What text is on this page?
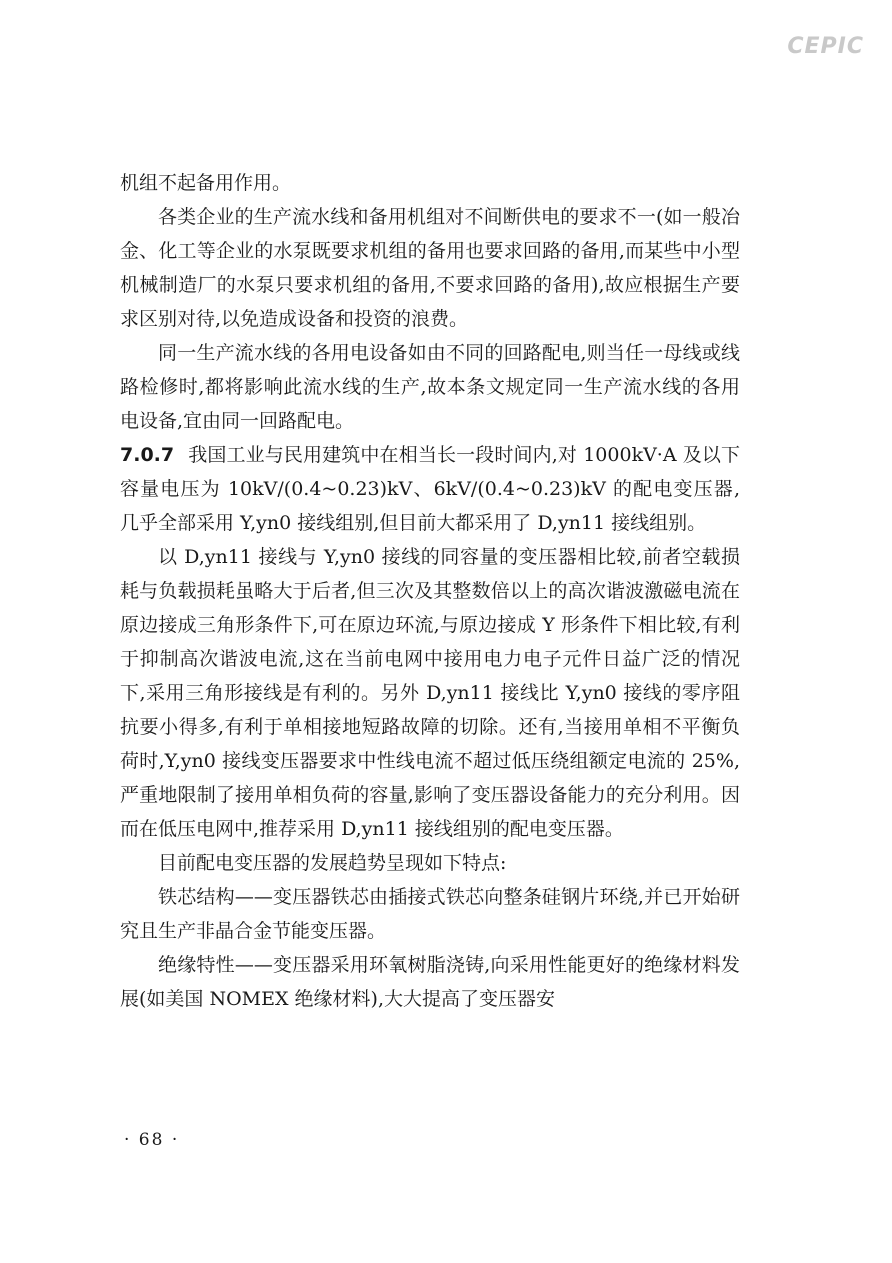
CEPIC

机组不起备用作用。

各类企业的生产流水线和备用机组对不间断供电的要求不一(如一般冶金、化工等企业的水泵既要求机组的备用也要求回路的备用,而某些中小型机械制造厂的水泵只要求机组的备用,不要求回路的备用),故应根据生产要求区别对待,以免造成设备和投资的浪费。

同一生产流水线的各用电设备如由不同的回路配电,则当任一母线或线路检修时,都将影响此流水线的生产,故本条文规定同一生产流水线的各用电设备,宜由同一回路配电。

7.0.7 我国工业与民用建筑中在相当长一段时间内,对 1000kV·A 及以下容量电压为 10kV/(0.4~0.23)kV、6kV/(0.4~0.23)kV 的配电变压器,几乎全部采用 Y,yn0 接线组别,但目前大都采用了 D,yn11 接线组别。

以 D,yn11 接线与 Y,yn0 接线的同容量的变压器相比较,前者空载损耗与负载损耗虽略大于后者,但三次及其整数倍以上的高次谐波激磁电流在原边接成三角形条件下,可在原边环流,与原边接成 Y 形条件下相比较,有利于抑制高次谐波电流,这在当前电网中接用电力电子元件日益广泛的情况下,采用三角形接线是有利的。另外 D,yn11 接线比 Y,yn0 接线的零序阻抗要小得多,有利于单相接地短路故障的切除。还有,当接用单相不平衡负荷时,Y,yn0 接线变压器要求中性线电流不超过低压绕组额定电流的 25%,严重地限制了接用单相负荷的容量,影响了变压器设备能力的充分利用。因而在低压电网中,推荐采用 D,yn11 接线组别的配电变压器。

目前配电变压器的发展趋势呈现如下特点:

铁芯结构——变压器铁芯由插接式铁芯向整条硅钢片环绕,并已开始研究且生产非晶合金节能变压器。

绝缘特性——变压器采用环氧树脂浇铸,向采用性能更好的绝缘材料发展(如美国 NOMEX 绝缘材料),大大提高了变压器安

· 68 ·
